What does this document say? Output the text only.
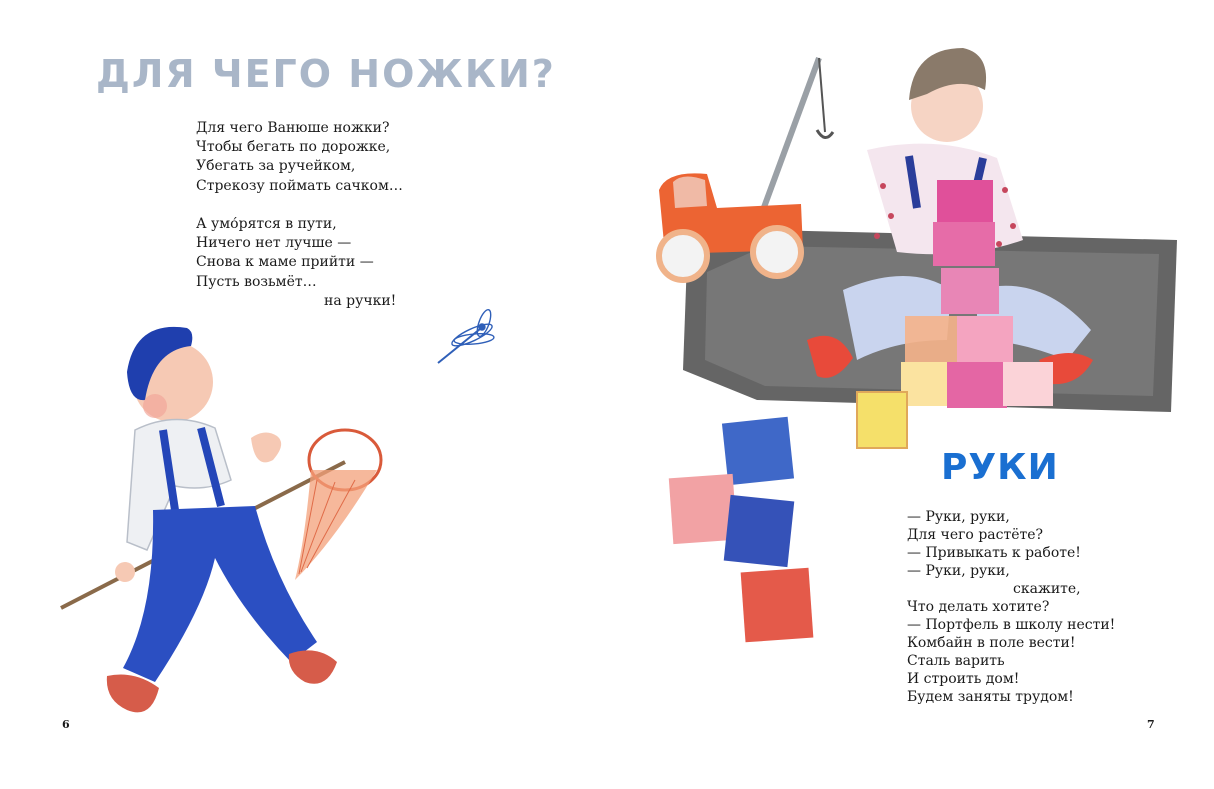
ДЛЯ ЧЕГО НОЖКИ?
Для чего Ванюше ножки?
Чтобы бегать по дорожке,
Убегать за ручейком,
Стрекозу поймать сачком…
А умо́рятся в пути,
Ничего нет лучше —
Снова к маме прийти —
Пусть возьмёт…
на ручки!
6
РУКИ
— Руки, руки,
Для чего растёте?
— Привыкать к работе!
— Руки, руки,
скажите,
Что делать хотите?
— Портфель в школу нести!
Комбайн в поле вести!
Сталь варить
И строить дом!
Будем заняты трудом!
7
